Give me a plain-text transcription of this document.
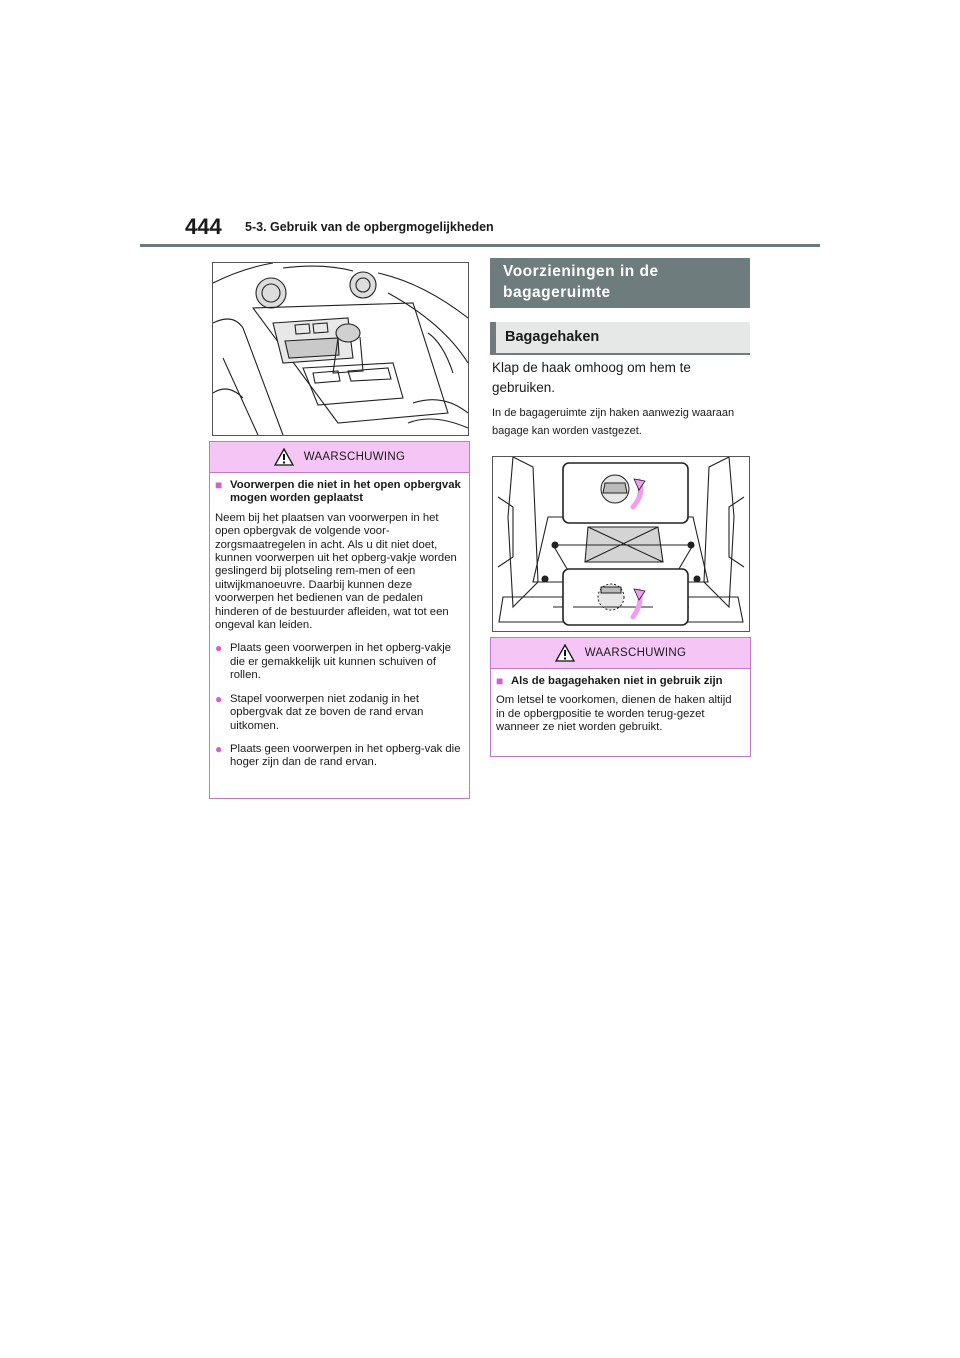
444 5-3. Gebruik van de opbergmogelijkheden
WAARSCHUWING
■ Voorwerpen die niet in het open opbergvak mogen worden geplaatst
Neem bij het plaatsen van voorwerpen in het open opbergvak de volgende voor-zorgsmaatregelen in acht. Als u dit niet doet, kunnen voorwerpen uit het opberg-vakje worden geslingerd bij plotseling rem-men of een uitwijkmanoeuvre. Daarbij kunnen deze voorwerpen het bedienen van de pedalen hinderen of de bestuurder afleiden, wat tot een ongeval kan leiden.
● Plaats geen voorwerpen in het opberg-vakje die er gemakkelijk uit kunnen schuiven of rollen.
● Stapel voorwerpen niet zodanig in het opbergvak dat ze boven de rand ervan uitkomen.
● Plaats geen voorwerpen in het opberg-vak die hoger zijn dan de rand ervan.
Voorzieningen in de
bagageruimte
Bagagehaken
Klap de haak omhoog om hem te gebruiken.
In de bagageruimte zijn haken aanwezig waaraan bagage kan worden vastgezet.
WAARSCHUWING
■ Als de bagagehaken niet in gebruik zijn
Om letsel te voorkomen, dienen de haken altijd in de opbergpositie te worden terug-gezet wanneer ze niet worden gebruikt.
